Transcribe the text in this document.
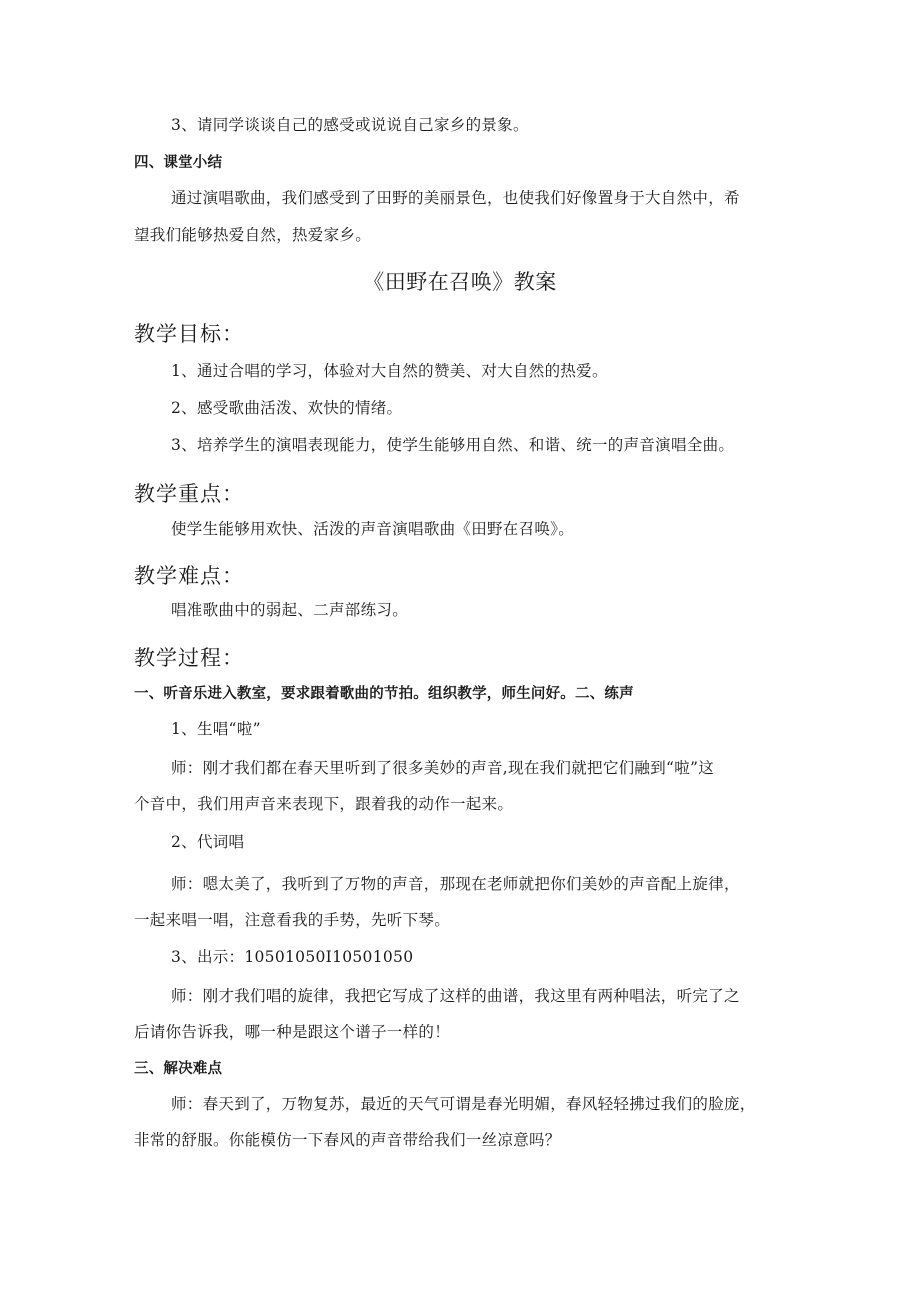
3、请同学谈谈自己的感受或说说自己家乡的景象。
四、课堂小结
通过演唱歌曲，我们感受到了田野的美丽景色，也使我们好像置身于大自然中，希
望我们能够热爱自然，热爱家乡。
《田野在召唤》教案
教学目标：
1、通过合唱的学习，体验对大自然的赞美、对大自然的热爱。
2、感受歌曲活泼、欢快的情绪。
3、培养学生的演唱表现能力，使学生能够用自然、和谐、统一的声音演唱全曲。
教学重点：
使学生能够用欢快、活泼的声音演唱歌曲《田野在召唤》。
教学难点：
唱准歌曲中的弱起、二声部练习。
教学过程：
一、听音乐进入教室，要求跟着歌曲的节拍。组织教学，师生问好。二、练声
1、生唱“啦”
师：刚才我们都在春天里听到了很多美妙的声音,现在我们就把它们融到“啦”这
个音中，我们用声音来表现下，跟着我的动作一起来。
2、代词唱
师：嗯太美了，我听到了万物的声音，那现在老师就把你们美妙的声音配上旋律，
一起来唱一唱，注意看我的手势，先听下琴。
3、出示：10501050I10501050
师：刚才我们唱的旋律，我把它写成了这样的曲谱，我这里有两种唱法，听完了之
后请你告诉我，哪一种是跟这个谱子一样的！
三、解决难点
师：春天到了，万物复苏，最近的天气可谓是春光明媚，春风轻轻拂过我们的脸庞，
非常的舒服。你能模仿一下春风的声音带给我们一丝凉意吗？
